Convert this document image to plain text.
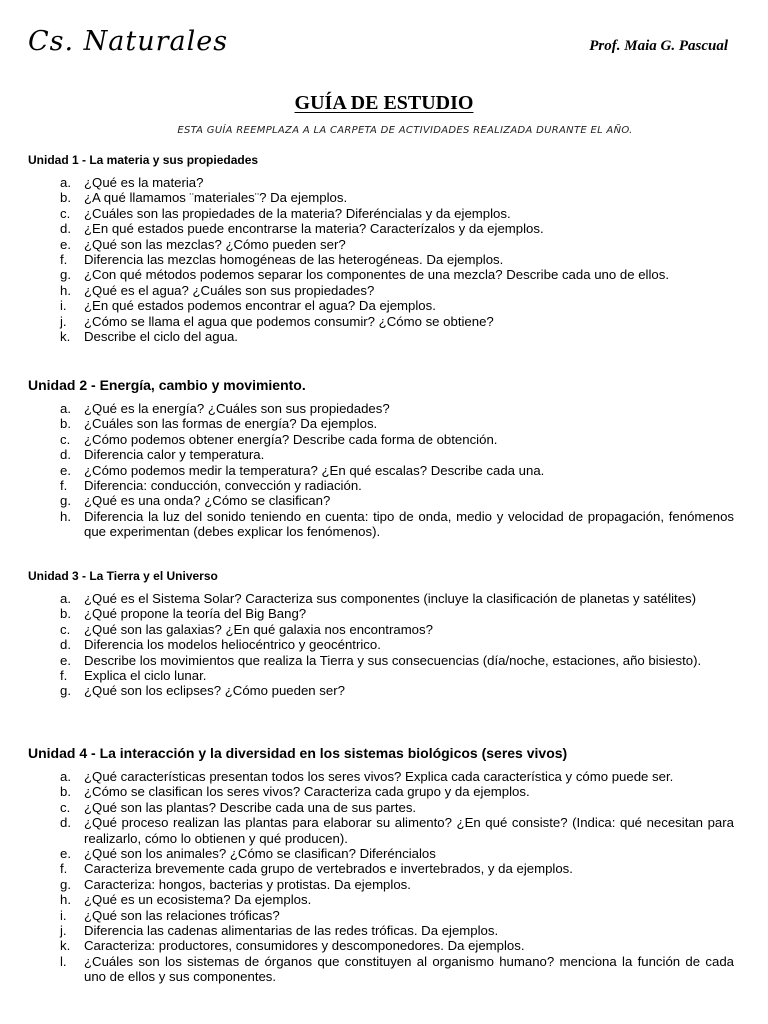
Cs. Naturales	Prof. Maia G. Pascual
GUÍA DE ESTUDIO
ESTA GUÍA REEMPLAZA A LA CARPETA DE ACTIVIDADES REALIZADA DURANTE EL AÑO.
Unidad 1 - La materia y sus propiedades
a. ¿Qué es la materia?
b. ¿A qué llamamos ¨materiales¨? Da ejemplos.
c. ¿Cuáles son las propiedades de la materia? Diferéncialas y da ejemplos.
d. ¿En qué estados puede encontrarse la materia? Caracterízalos y da ejemplos.
e. ¿Qué son las mezclas? ¿Cómo pueden ser?
f. Diferencia las mezclas homogéneas de las heterogéneas. Da ejemplos.
g. ¿Con qué métodos podemos separar los componentes de una mezcla? Describe cada uno de ellos.
h. ¿Qué es el agua? ¿Cuáles son sus propiedades?
i. ¿En qué estados podemos encontrar el agua? Da ejemplos.
j. ¿Cómo se llama el agua que podemos consumir? ¿Cómo se obtiene?
k. Describe el ciclo del agua.
Unidad 2 - Energía, cambio y movimiento.
a. ¿Qué es la energía? ¿Cuáles son sus propiedades?
b. ¿Cuáles son las formas de energía? Da ejemplos.
c. ¿Cómo podemos obtener energía? Describe cada forma de obtención.
d. Diferencia calor y temperatura.
e. ¿Cómo podemos medir la temperatura? ¿En qué escalas? Describe cada una.
f. Diferencia: conducción, convección y radiación.
g. ¿Qué es una onda? ¿Cómo se clasifican?
h. Diferencia la luz del sonido teniendo en cuenta: tipo de onda, medio y velocidad de propagación, fenómenos que experimentan (debes explicar los fenómenos).
Unidad 3 - La Tierra y el Universo
a. ¿Qué es el Sistema Solar? Caracteriza sus componentes (incluye la clasificación de planetas y satélites)
b. ¿Qué propone la teoría del Big Bang?
c. ¿Qué son las galaxias? ¿En qué galaxia nos encontramos?
d. Diferencia los modelos heliocéntrico y geocéntrico.
e. Describe los movimientos que realiza la Tierra y sus consecuencias (día/noche, estaciones, año bisiesto).
f. Explica el ciclo lunar.
g. ¿Qué son los eclipses? ¿Cómo pueden ser?
Unidad 4 - La interacción y la diversidad en los sistemas biológicos (seres vivos)
a. ¿Qué características presentan todos los seres vivos? Explica cada característica y cómo puede ser.
b. ¿Cómo se clasifican los seres vivos? Caracteriza cada grupo y da ejemplos.
c. ¿Qué son las plantas? Describe cada una de sus partes.
d. ¿Qué proceso realizan las plantas para elaborar su alimento? ¿En qué consiste? (Indica: qué necesitan para realizarlo, cómo lo obtienen y qué producen).
e. ¿Qué son los animales? ¿Cómo se clasifican? Diferéncialos
f. Caracteriza brevemente cada grupo de vertebrados e invertebrados, y da ejemplos.
g. Caracteriza: hongos, bacterias y protistas. Da ejemplos.
h. ¿Qué es un ecosistema? Da ejemplos.
i. ¿Qué son las relaciones tróficas?
j. Diferencia las cadenas alimentarias de las redes tróficas. Da ejemplos.
k. Caracteriza: productores, consumidores y descomponedores. Da ejemplos.
l. ¿Cuáles son los sistemas de órganos que constituyen al organismo humano? menciona la función de cada uno de ellos y sus componentes.
